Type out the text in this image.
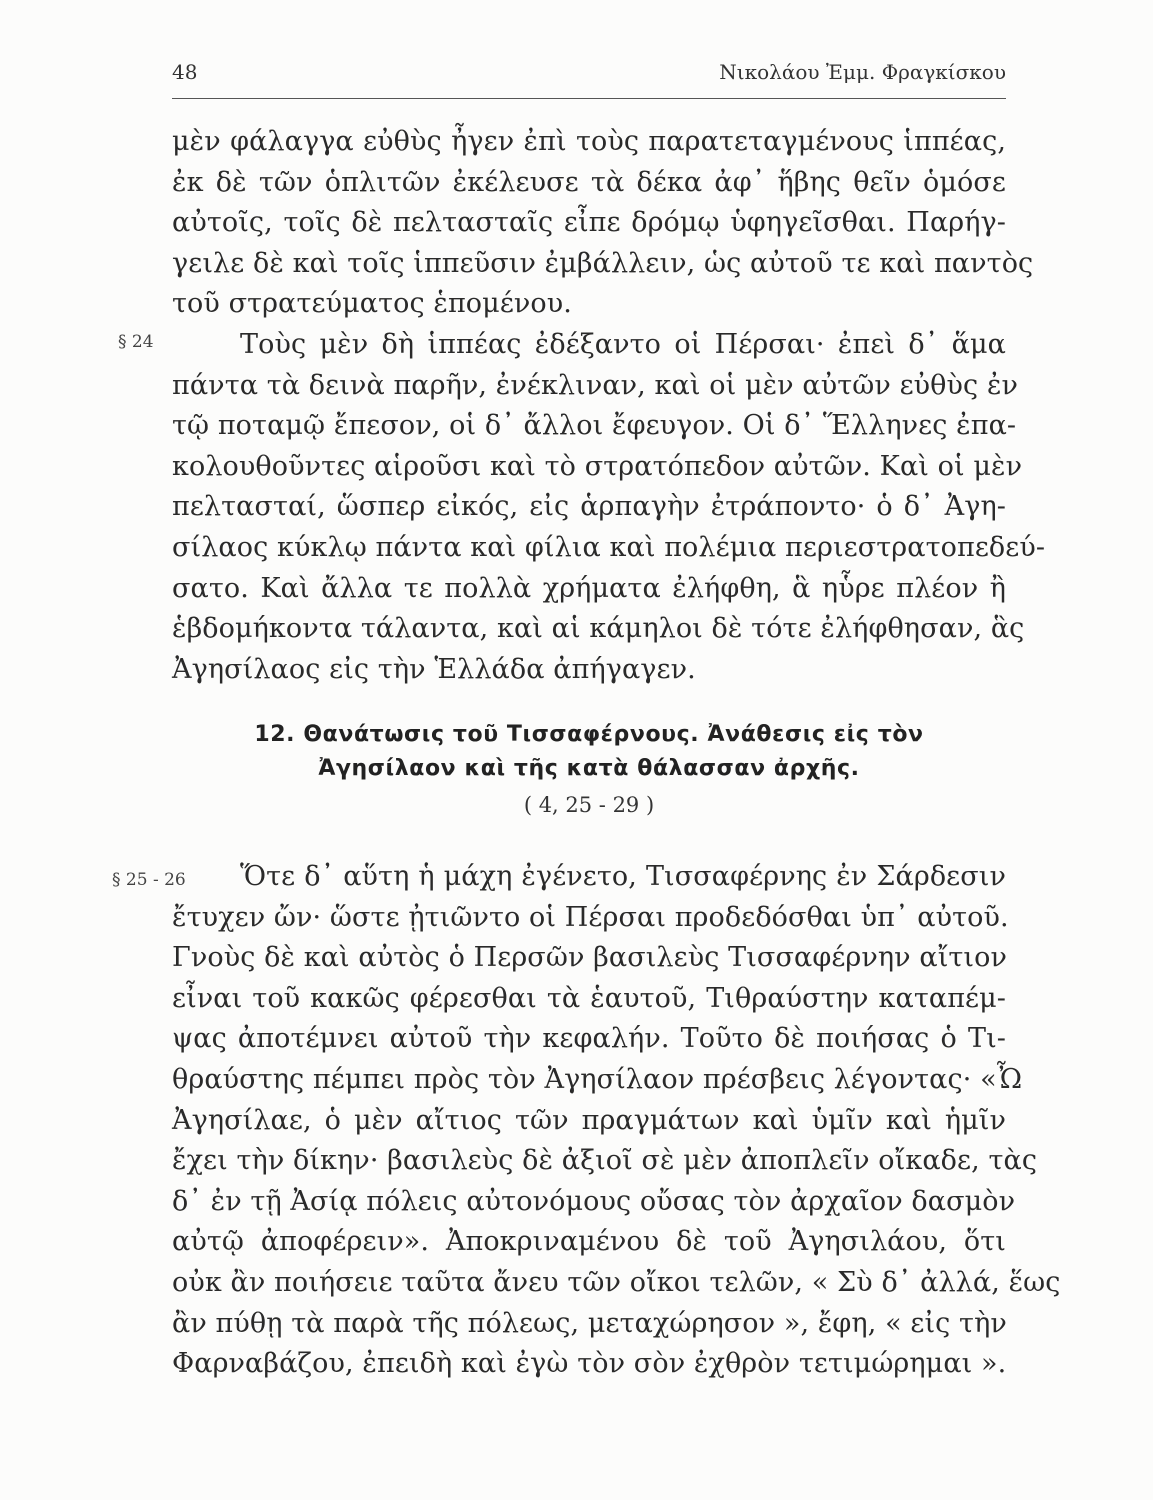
48	Νικολάου Ἐμμ. Φραγκίσκου
μὲν φάλαγγα εὐθὺς ἦγεν ἐπὶ τοὺς παρατεταγμένους ἱππέας,
ἐκ δὲ τῶν ὁπλιτῶν ἐκέλευσε τὰ δέκα ἀφ᾽ ἥβης θεῖν ὁμόσε
αὐτοῖς, τοῖς δὲ πελτασταῖς εἶπε δρόμῳ ὑφηγεῖσθαι. Παρήγ-
γειλε δὲ καὶ τοῖς ἱππεῦσιν ἐμβάλλειν, ὡς αὐτοῦ τε καὶ παντὸς
τοῦ στρατεύματος ἑπομένου.
§ 24	Τοὺς μὲν δὴ ἱππέας ἐδέξαντο οἱ Πέρσαι· ἐπεὶ δ᾽ ἅμα
πάντα τὰ δεινὰ παρῆν, ἐνέκλιναν, καὶ οἱ μὲν αὐτῶν εὐθὺς ἐν
τῷ ποταμῷ ἔπεσον, οἱ δ᾽ ἄλλοι ἔφευγον. Οἱ δ᾽ Ἕλληνες ἐπα-
κολουθοῦντες αἱροῦσι καὶ τὸ στρατόπεδον αὐτῶν. Καὶ οἱ μὲν
πελτασταί, ὥσπερ εἰκός, εἰς ἁρπαγὴν ἐτράποντο· ὁ δ᾽ Ἀγη-
σίλαος κύκλῳ πάντα καὶ φίλια καὶ πολέμια περιεστρατοπεδεύ-
σατο. Καὶ ἄλλα τε πολλὰ χρήματα ἐλήφθη, ἃ ηὗρε πλέον ἢ
ἑβδομήκοντα τάλαντα, καὶ αἱ κάμηλοι δὲ τότε ἐλήφθησαν, ἃς
Ἀγησίλαος εἰς τὴν Ἑλλάδα ἀπήγαγεν.
12. Θανάτωσις τοῦ Τισσαφέρνους. Ἀνάθεσις εἰς τὸν
Ἀγησίλαον καὶ τῆς κατὰ θάλασσαν ἀρχῆς.
( 4, 25 - 29 )
§ 25 - 26	Ὅτε δ᾽ αὕτη ἡ μάχη ἐγένετο, Τισσαφέρνης ἐν Σάρδεσιν
ἔτυχεν ὤν· ὥστε ᾐτιῶντο οἱ Πέρσαι προδεδόσθαι ὑπ᾽ αὐτοῦ.
Γνοὺς δὲ καὶ αὐτὸς ὁ Περσῶν βασιλεὺς Τισσαφέρνην αἴτιον
εἶναι τοῦ κακῶς φέρεσθαι τὰ ἑαυτοῦ, Τιθραύστην καταπέμ-
ψας ἀποτέμνει αὐτοῦ τὴν κεφαλήν. Τοῦτο δὲ ποιήσας ὁ Τι-
θραύστης πέμπει πρὸς τὸν Ἀγησίλαον πρέσβεις λέγοντας· «Ὦ
Ἀγησίλαε, ὁ μὲν αἴτιος τῶν πραγμάτων καὶ ὑμῖν καὶ ἡμῖν
ἔχει τὴν δίκην· βασιλεὺς δὲ ἀξιοῖ σὲ μὲν ἀποπλεῖν οἴκαδε, τὰς
δ᾽ ἐν τῇ Ἀσίᾳ πόλεις αὐτονόμους οὔσας τὸν ἀρχαῖον δασμὸν
αὐτῷ ἀποφέρειν». Ἀποκριναμένου δὲ τοῦ Ἀγησιλάου, ὅτι
οὐκ ἂν ποιήσειε ταῦτα ἄνευ τῶν οἴκοι τελῶν, « Σὺ δ᾽ ἀλλά, ἕως
ἂν πύθῃ τὰ παρὰ τῆς πόλεως, μεταχώρησον », ἔφη, « εἰς τὴν
Φαρναβάζου, ἐπειδὴ καὶ ἐγὼ τὸν σὸν ἐχθρὸν τετιμώρημαι ».
